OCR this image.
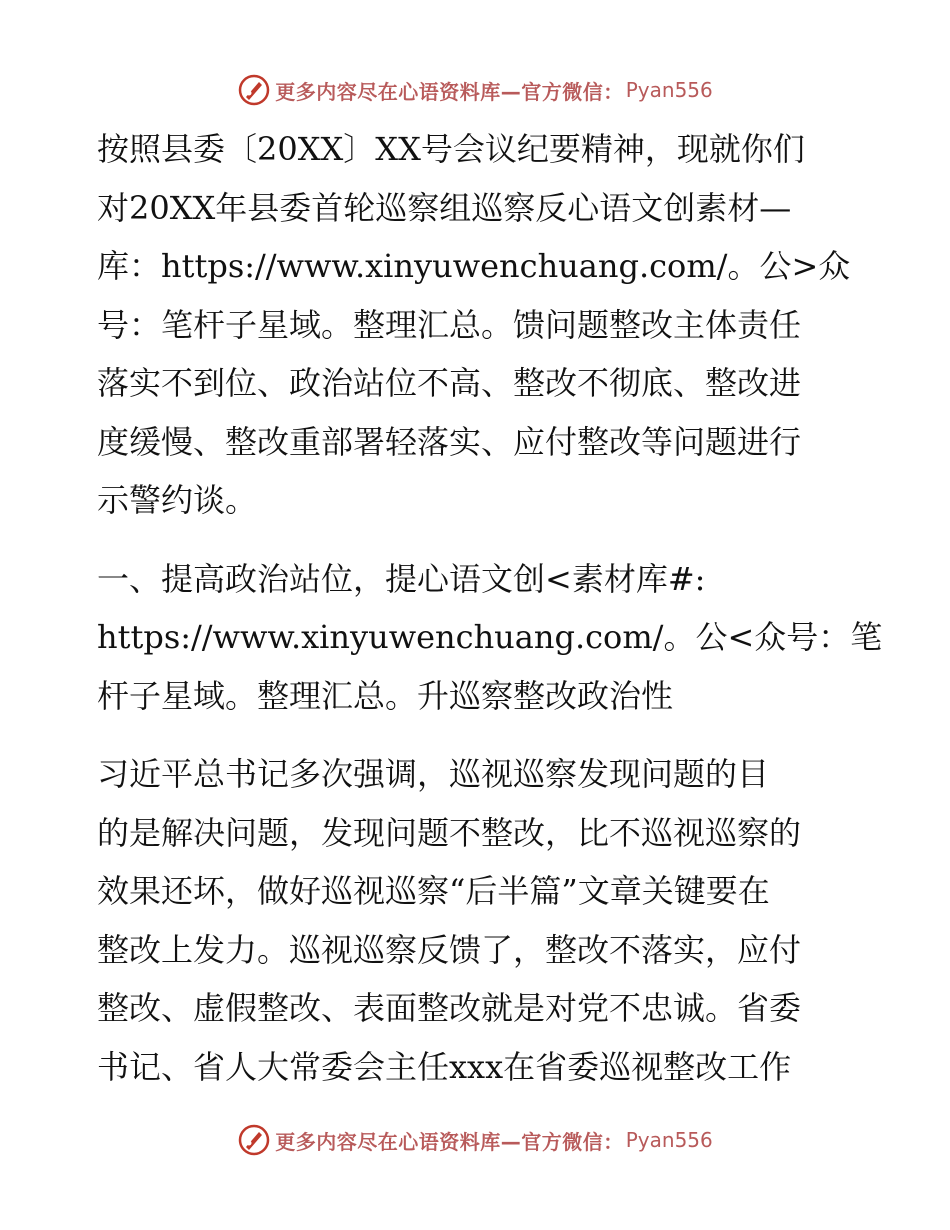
更多内容尽在心语资料库—官方微信： Pyan556
按照县委〔20XX〕XX号会议纪要精神，现就你们
对20XX年县委首轮巡察组巡察反心语文创素材—
库：https://www.xinyuwenchuang.com/。公>众
号：笔杆子星域。整理汇总。馈问题整改主体责任
落实不到位、政治站位不高、整改不彻底、整改进
度缓慢、整改重部署轻落实、应付整改等问题进行
示警约谈。
一、提高政治站位，提心语文创<素材库#:
https://www.xinyuwenchuang.com/。公<众号：笔
杆子星域。整理汇总。升巡察整改政治性
习近平总书记多次强调，巡视巡察发现问题的目
的是解决问题，发现问题不整改，比不巡视巡察的
效果还坏，做好巡视巡察“后半篇”文章关键要在
整改上发力。巡视巡察反馈了，整改不落实，应付
整改、虚假整改、表面整改就是对党不忠诚。省委
书记、省人大常委会主任xxx在省委巡视整改工作
更多内容尽在心语资料库—官方微信： Pyan556
